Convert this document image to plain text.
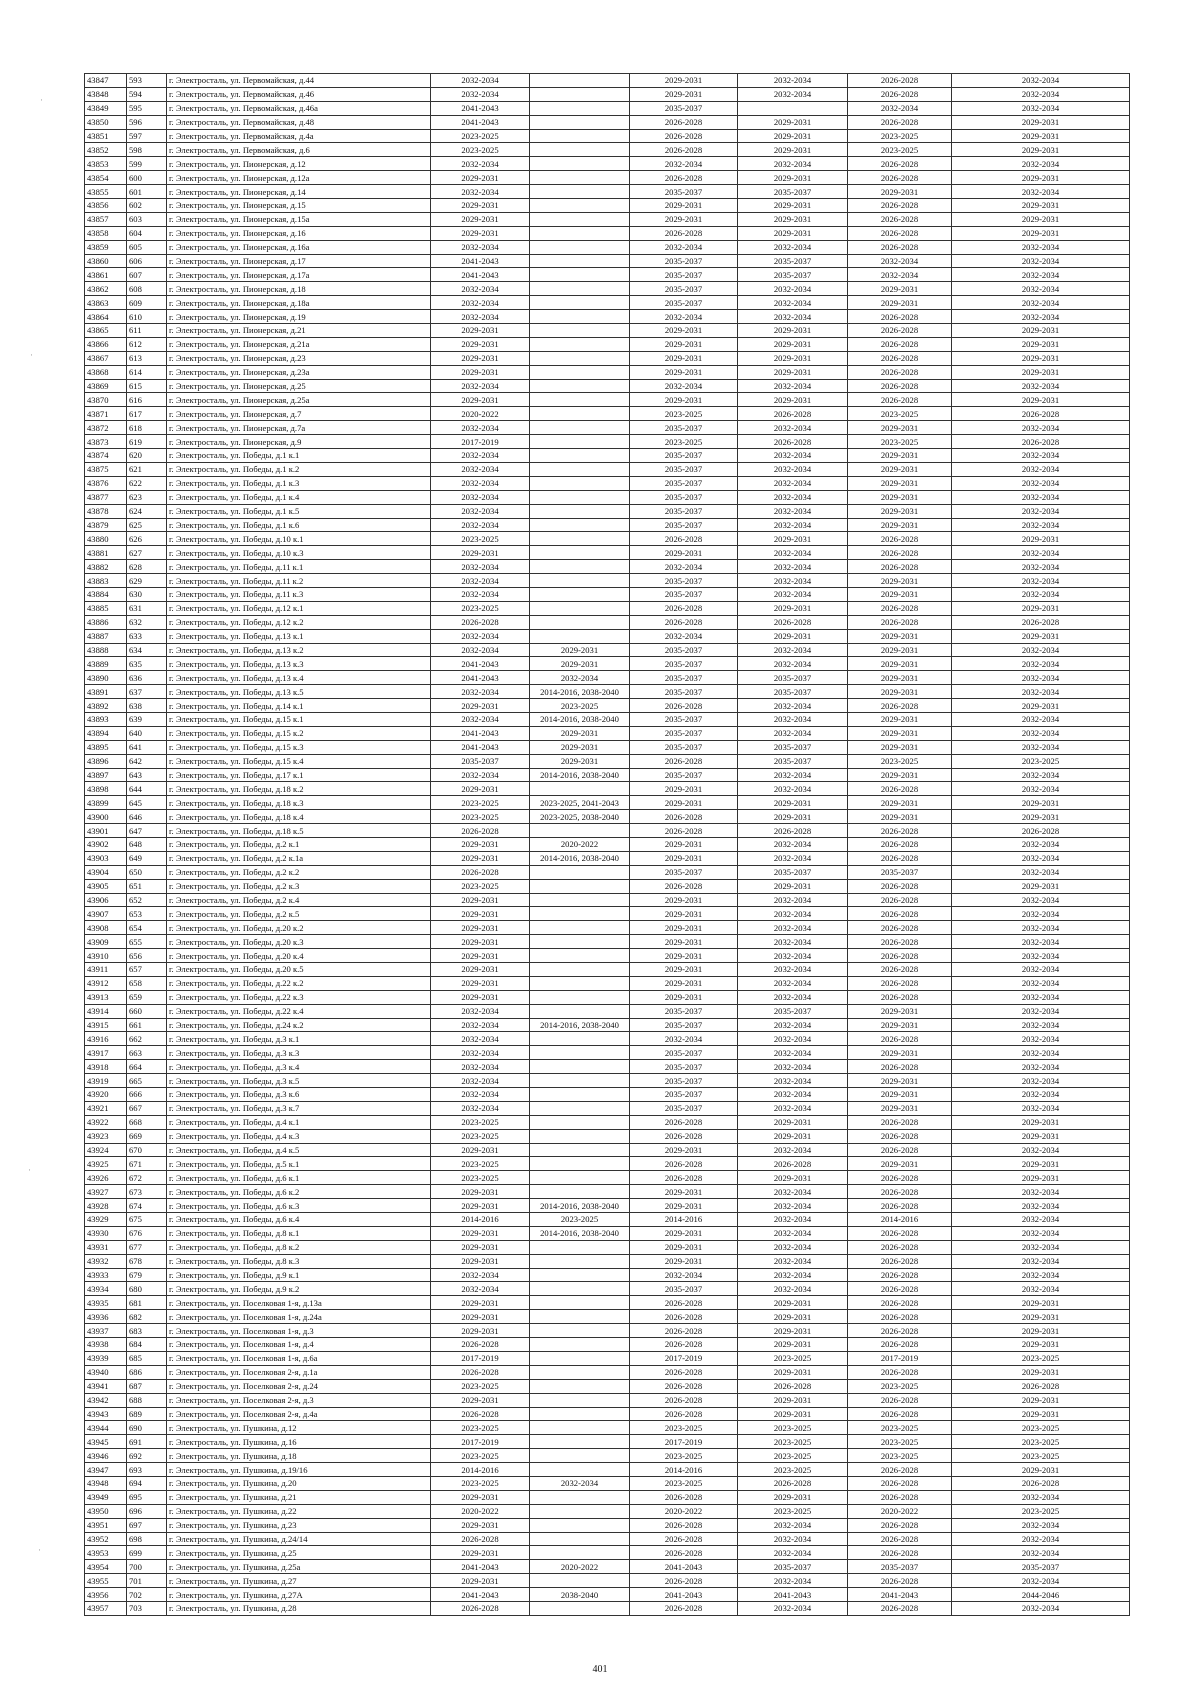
·
·
·
·
43847	593	г. Электросталь, ул. Первомайская, д.44	2032-2034		2029-2031	2032-2034	2026-2028	2032-2034
43848	594	г. Электросталь, ул. Первомайская, д.46	2032-2034		2029-2031	2032-2034	2026-2028	2032-2034
43849	595	г. Электросталь, ул. Первомайская, д.46а	2041-2043		2035-2037		2032-2034	2032-2034
43850	596	г. Электросталь, ул. Первомайская, д.48	2041-2043		2026-2028	2029-2031	2026-2028	2029-2031
43851	597	г. Электросталь, ул. Первомайская, д.4а	2023-2025		2026-2028	2029-2031	2023-2025	2029-2031
43852	598	г. Электросталь, ул. Первомайская, д.6	2023-2025		2026-2028	2029-2031	2023-2025	2029-2031
43853	599	г. Электросталь, ул. Пионерская, д.12	2032-2034		2032-2034	2032-2034	2026-2028	2032-2034
43854	600	г. Электросталь, ул. Пионерская, д.12а	2029-2031		2026-2028	2029-2031	2026-2028	2029-2031
43855	601	г. Электросталь, ул. Пионерская, д.14	2032-2034		2035-2037	2035-2037	2029-2031	2032-2034
43856	602	г. Электросталь, ул. Пионерская, д.15	2029-2031		2029-2031	2029-2031	2026-2028	2029-2031
43857	603	г. Электросталь, ул. Пионерская, д.15а	2029-2031		2029-2031	2029-2031	2026-2028	2029-2031
43858	604	г. Электросталь, ул. Пионерская, д.16	2029-2031		2026-2028	2029-2031	2026-2028	2029-2031
43859	605	г. Электросталь, ул. Пионерская, д.16а	2032-2034		2032-2034	2032-2034	2026-2028	2032-2034
43860	606	г. Электросталь, ул. Пионерская, д.17	2041-2043		2035-2037	2035-2037	2032-2034	2032-2034
43861	607	г. Электросталь, ул. Пионерская, д.17а	2041-2043		2035-2037	2035-2037	2032-2034	2032-2034
43862	608	г. Электросталь, ул. Пионерская, д.18	2032-2034		2035-2037	2032-2034	2029-2031	2032-2034
43863	609	г. Электросталь, ул. Пионерская, д.18а	2032-2034		2035-2037	2032-2034	2029-2031	2032-2034
43864	610	г. Электросталь, ул. Пионерская, д.19	2032-2034		2032-2034	2032-2034	2026-2028	2032-2034
43865	611	г. Электросталь, ул. Пионерская, д.21	2029-2031		2029-2031	2029-2031	2026-2028	2029-2031
43866	612	г. Электросталь, ул. Пионерская, д.21а	2029-2031		2029-2031	2029-2031	2026-2028	2029-2031
43867	613	г. Электросталь, ул. Пионерская, д.23	2029-2031		2029-2031	2029-2031	2026-2028	2029-2031
43868	614	г. Электросталь, ул. Пионерская, д.23а	2029-2031		2029-2031	2029-2031	2026-2028	2029-2031
43869	615	г. Электросталь, ул. Пионерская, д.25	2032-2034		2032-2034	2032-2034	2026-2028	2032-2034
43870	616	г. Электросталь, ул. Пионерская, д.25а	2029-2031		2029-2031	2029-2031	2026-2028	2029-2031
43871	617	г. Электросталь, ул. Пионерская, д.7	2020-2022		2023-2025	2026-2028	2023-2025	2026-2028
43872	618	г. Электросталь, ул. Пионерская, д.7а	2032-2034		2035-2037	2032-2034	2029-2031	2032-2034
43873	619	г. Электросталь, ул. Пионерская, д.9	2017-2019		2023-2025	2026-2028	2023-2025	2026-2028
43874	620	г. Электросталь, ул. Победы, д.1 к.1	2032-2034		2035-2037	2032-2034	2029-2031	2032-2034
43875	621	г. Электросталь, ул. Победы, д.1 к.2	2032-2034		2035-2037	2032-2034	2029-2031	2032-2034
43876	622	г. Электросталь, ул. Победы, д.1 к.3	2032-2034		2035-2037	2032-2034	2029-2031	2032-2034
43877	623	г. Электросталь, ул. Победы, д.1 к.4	2032-2034		2035-2037	2032-2034	2029-2031	2032-2034
43878	624	г. Электросталь, ул. Победы, д.1 к.5	2032-2034		2035-2037	2032-2034	2029-2031	2032-2034
43879	625	г. Электросталь, ул. Победы, д.1 к.6	2032-2034		2035-2037	2032-2034	2029-2031	2032-2034
43880	626	г. Электросталь, ул. Победы, д.10 к.1	2023-2025		2026-2028	2029-2031	2026-2028	2029-2031
43881	627	г. Электросталь, ул. Победы, д.10 к.3	2029-2031		2029-2031	2032-2034	2026-2028	2032-2034
43882	628	г. Электросталь, ул. Победы, д.11 к.1	2032-2034		2032-2034	2032-2034	2026-2028	2032-2034
43883	629	г. Электросталь, ул. Победы, д.11 к.2	2032-2034		2035-2037	2032-2034	2029-2031	2032-2034
43884	630	г. Электросталь, ул. Победы, д.11 к.3	2032-2034		2035-2037	2032-2034	2029-2031	2032-2034
43885	631	г. Электросталь, ул. Победы, д.12 к.1	2023-2025		2026-2028	2029-2031	2026-2028	2029-2031
43886	632	г. Электросталь, ул. Победы, д.12 к.2	2026-2028		2026-2028	2026-2028	2026-2028	2026-2028
43887	633	г. Электросталь, ул. Победы, д.13 к.1	2032-2034		2032-2034	2029-2031	2029-2031	2029-2031
43888	634	г. Электросталь, ул. Победы, д.13 к.2	2032-2034	2029-2031	2035-2037	2032-2034	2029-2031	2032-2034
43889	635	г. Электросталь, ул. Победы, д.13 к.3	2041-2043	2029-2031	2035-2037	2032-2034	2029-2031	2032-2034
43890	636	г. Электросталь, ул. Победы, д.13 к.4	2041-2043	2032-2034	2035-2037	2035-2037	2029-2031	2032-2034
43891	637	г. Электросталь, ул. Победы, д.13 к.5	2032-2034	2014-2016, 2038-2040	2035-2037	2035-2037	2029-2031	2032-2034
43892	638	г. Электросталь, ул. Победы, д.14 к.1	2029-2031	2023-2025	2026-2028	2032-2034	2026-2028	2029-2031
43893	639	г. Электросталь, ул. Победы, д.15 к.1	2032-2034	2014-2016, 2038-2040	2035-2037	2032-2034	2029-2031	2032-2034
43894	640	г. Электросталь, ул. Победы, д.15 к.2	2041-2043	2029-2031	2035-2037	2032-2034	2029-2031	2032-2034
43895	641	г. Электросталь, ул. Победы, д.15 к.3	2041-2043	2029-2031	2035-2037	2035-2037	2029-2031	2032-2034
43896	642	г. Электросталь, ул. Победы, д.15 к.4	2035-2037	2029-2031	2026-2028	2035-2037	2023-2025	2023-2025
43897	643	г. Электросталь, ул. Победы, д.17 к.1	2032-2034	2014-2016, 2038-2040	2035-2037	2032-2034	2029-2031	2032-2034
43898	644	г. Электросталь, ул. Победы, д.18 к.2	2029-2031		2029-2031	2032-2034	2026-2028	2032-2034
43899	645	г. Электросталь, ул. Победы, д.18 к.3	2023-2025	2023-2025, 2041-2043	2029-2031	2029-2031	2029-2031	2029-2031
43900	646	г. Электросталь, ул. Победы, д.18 к.4	2023-2025	2023-2025, 2038-2040	2026-2028	2029-2031	2029-2031	2029-2031
43901	647	г. Электросталь, ул. Победы, д.18 к.5	2026-2028		2026-2028	2026-2028	2026-2028	2026-2028
43902	648	г. Электросталь, ул. Победы, д.2 к.1	2029-2031	2020-2022	2029-2031	2032-2034	2026-2028	2032-2034
43903	649	г. Электросталь, ул. Победы, д.2 к.1а	2029-2031	2014-2016, 2038-2040	2029-2031	2032-2034	2026-2028	2032-2034
43904	650	г. Электросталь, ул. Победы, д.2 к.2	2026-2028		2035-2037	2035-2037	2035-2037	2032-2034
43905	651	г. Электросталь, ул. Победы, д.2 к.3	2023-2025		2026-2028	2029-2031	2026-2028	2029-2031
43906	652	г. Электросталь, ул. Победы, д.2 к.4	2029-2031		2029-2031	2032-2034	2026-2028	2032-2034
43907	653	г. Электросталь, ул. Победы, д.2 к.5	2029-2031		2029-2031	2032-2034	2026-2028	2032-2034
43908	654	г. Электросталь, ул. Победы, д.20 к.2	2029-2031		2029-2031	2032-2034	2026-2028	2032-2034
43909	655	г. Электросталь, ул. Победы, д.20 к.3	2029-2031		2029-2031	2032-2034	2026-2028	2032-2034
43910	656	г. Электросталь, ул. Победы, д.20 к.4	2029-2031		2029-2031	2032-2034	2026-2028	2032-2034
43911	657	г. Электросталь, ул. Победы, д.20 к.5	2029-2031		2029-2031	2032-2034	2026-2028	2032-2034
43912	658	г. Электросталь, ул. Победы, д.22 к.2	2029-2031		2029-2031	2032-2034	2026-2028	2032-2034
43913	659	г. Электросталь, ул. Победы, д.22 к.3	2029-2031		2029-2031	2032-2034	2026-2028	2032-2034
43914	660	г. Электросталь, ул. Победы, д.22 к.4	2032-2034		2035-2037	2035-2037	2029-2031	2032-2034
43915	661	г. Электросталь, ул. Победы, д.24 к.2	2032-2034	2014-2016, 2038-2040	2035-2037	2032-2034	2029-2031	2032-2034
43916	662	г. Электросталь, ул. Победы, д.3 к.1	2032-2034		2032-2034	2032-2034	2026-2028	2032-2034
43917	663	г. Электросталь, ул. Победы, д.3 к.3	2032-2034		2035-2037	2032-2034	2029-2031	2032-2034
43918	664	г. Электросталь, ул. Победы, д.3 к.4	2032-2034		2035-2037	2032-2034	2026-2028	2032-2034
43919	665	г. Электросталь, ул. Победы, д.3 к.5	2032-2034		2035-2037	2032-2034	2029-2031	2032-2034
43920	666	г. Электросталь, ул. Победы, д.3 к.6	2032-2034		2035-2037	2032-2034	2029-2031	2032-2034
43921	667	г. Электросталь, ул. Победы, д.3 к.7	2032-2034		2035-2037	2032-2034	2029-2031	2032-2034
43922	668	г. Электросталь, ул. Победы, д.4 к.1	2023-2025		2026-2028	2029-2031	2026-2028	2029-2031
43923	669	г. Электросталь, ул. Победы, д.4 к.3	2023-2025		2026-2028	2029-2031	2026-2028	2029-2031
43924	670	г. Электросталь, ул. Победы, д.4 к.5	2029-2031		2029-2031	2032-2034	2026-2028	2032-2034
43925	671	г. Электросталь, ул. Победы, д.5 к.1	2023-2025		2026-2028	2026-2028	2029-2031	2029-2031
43926	672	г. Электросталь, ул. Победы, д.6 к.1	2023-2025		2026-2028	2029-2031	2026-2028	2029-2031
43927	673	г. Электросталь, ул. Победы, д.6 к.2	2029-2031		2029-2031	2032-2034	2026-2028	2032-2034
43928	674	г. Электросталь, ул. Победы, д.6 к.3	2029-2031	2014-2016, 2038-2040	2029-2031	2032-2034	2026-2028	2032-2034
43929	675	г. Электросталь, ул. Победы, д.6 к.4	2014-2016	2023-2025	2014-2016	2032-2034	2014-2016	2032-2034
43930	676	г. Электросталь, ул. Победы, д.8 к.1	2029-2031	2014-2016, 2038-2040	2029-2031	2032-2034	2026-2028	2032-2034
43931	677	г. Электросталь, ул. Победы, д.8 к.2	2029-2031		2029-2031	2032-2034	2026-2028	2032-2034
43932	678	г. Электросталь, ул. Победы, д.8 к.3	2029-2031		2029-2031	2032-2034	2026-2028	2032-2034
43933	679	г. Электросталь, ул. Победы, д.9 к.1	2032-2034		2032-2034	2032-2034	2026-2028	2032-2034
43934	680	г. Электросталь, ул. Победы, д.9 к.2	2032-2034		2035-2037	2032-2034	2026-2028	2032-2034
43935	681	г. Электросталь, ул. Поселковая 1-я, д.13а	2029-2031		2026-2028	2029-2031	2026-2028	2029-2031
43936	682	г. Электросталь, ул. Поселковая 1-я, д.24а	2029-2031		2026-2028	2029-2031	2026-2028	2029-2031
43937	683	г. Электросталь, ул. Поселковая 1-я, д.3	2029-2031		2026-2028	2029-2031	2026-2028	2029-2031
43938	684	г. Электросталь, ул. Поселковая 1-я, д.4	2026-2028		2026-2028	2029-2031	2026-2028	2029-2031
43939	685	г. Электросталь, ул. Поселковая 1-я, д.6а	2017-2019		2017-2019	2023-2025	2017-2019	2023-2025
43940	686	г. Электросталь, ул. Поселковая 2-я, д.1а	2026-2028		2026-2028	2029-2031	2026-2028	2029-2031
43941	687	г. Электросталь, ул. Поселковая 2-я, д.24	2023-2025		2026-2028	2026-2028	2023-2025	2026-2028
43942	688	г. Электросталь, ул. Поселковая 2-я, д.3	2029-2031		2026-2028	2029-2031	2026-2028	2029-2031
43943	689	г. Электросталь, ул. Поселковая 2-я, д.4а	2026-2028		2026-2028	2029-2031	2026-2028	2029-2031
43944	690	г. Электросталь, ул. Пушкина, д.12	2023-2025		2023-2025	2023-2025	2023-2025	2023-2025
43945	691	г. Электросталь, ул. Пушкина, д.16	2017-2019		2017-2019	2023-2025	2023-2025	2023-2025
43946	692	г. Электросталь, ул. Пушкина, д.18	2023-2025		2023-2025	2023-2025	2023-2025	2023-2025
43947	693	г. Электросталь, ул. Пушкина, д.19/16	2014-2016		2014-2016	2023-2025	2026-2028	2029-2031
43948	694	г. Электросталь, ул. Пушкина, д.20	2023-2025	2032-2034	2023-2025	2026-2028	2026-2028	2026-2028
43949	695	г. Электросталь, ул. Пушкина, д.21	2029-2031		2026-2028	2029-2031	2026-2028	2032-2034
43950	696	г. Электросталь, ул. Пушкина, д.22	2020-2022		2020-2022	2023-2025	2020-2022	2023-2025
43951	697	г. Электросталь, ул. Пушкина, д.23	2029-2031		2026-2028	2032-2034	2026-2028	2032-2034
43952	698	г. Электросталь, ул. Пушкина, д.24/14	2026-2028		2026-2028	2032-2034	2026-2028	2032-2034
43953	699	г. Электросталь, ул. Пушкина, д.25	2029-2031		2026-2028	2032-2034	2026-2028	2032-2034
43954	700	г. Электросталь, ул. Пушкина, д.25а	2041-2043	2020-2022	2041-2043	2035-2037	2035-2037	2035-2037
43955	701	г. Электросталь, ул. Пушкина, д.27	2029-2031		2026-2028	2032-2034	2026-2028	2032-2034
43956	702	г. Электросталь, ул. Пушкина, д.27А	2041-2043	2038-2040	2041-2043	2041-2043	2041-2043	2044-2046
43957	703	г. Электросталь, ул. Пушкина, д.28	2026-2028		2026-2028	2032-2034	2026-2028	2032-2034
401
